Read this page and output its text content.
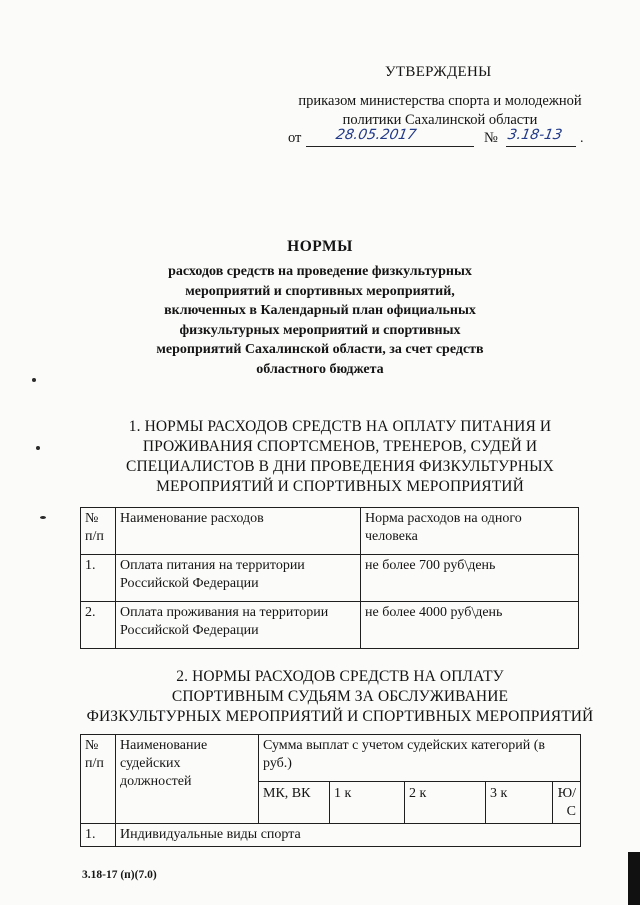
УТВЕРЖДЕНЫ
приказом министерства спорта и молодежной
политики Сахалинской области
от 28.05.2017	№ 3.18-13 .
НОРМЫ
расходов средств на проведение физкультурных
мероприятий и спортивных мероприятий,
включенных в Календарный план официальных
физкультурных мероприятий и спортивных
мероприятий Сахалинской области, за счет средств
областного бюджета
1. НОРМЫ РАСХОДОВ СРЕДСТВ НА ОПЛАТУ ПИТАНИЯ И
ПРОЖИВАНИЯ СПОРТСМЕНОВ, ТРЕНЕРОВ, СУДЕЙ И
СПЕЦИАЛИСТОВ В ДНИ ПРОВЕДЕНИЯ ФИЗКУЛЬТУРНЫХ
МЕРОПРИЯТИЙ И СПОРТИВНЫХ МЕРОПРИЯТИЙ
№ п/п	Наименование расходов	Норма расходов на одного человека
1.	Оплата питания на территории Российской Федерации	не более 700 руб\день
2.	Оплата проживания на территории Российской Федерации	не более 4000 руб\день
2. НОРМЫ РАСХОДОВ СРЕДСТВ НА ОПЛАТУ
СПОРТИВНЫМ СУДЬЯМ ЗА ОБСЛУЖИВАНИЕ
ФИЗКУЛЬТУРНЫХ МЕРОПРИЯТИЙ И СПОРТИВНЫХ МЕРОПРИЯТИЙ
№ п/п	Наименование судейских должностей	Сумма выплат с учетом судейских категорий (в руб.)				
		МК, ВК	1 к	2 к	3 к	Ю/С
1.	Индивидуальные виды спорта					
3.18-17 (п)(7.0)
